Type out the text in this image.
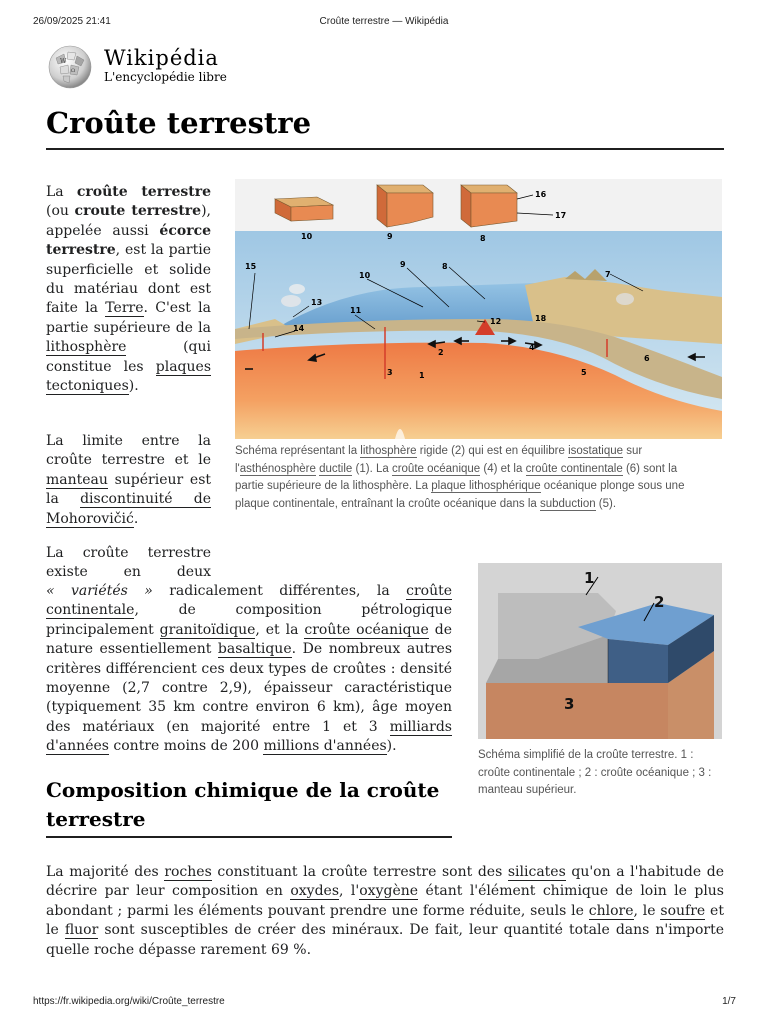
26/09/2025 21:41	Croûte terrestre — Wikipédia
W
Ω
Wikipédia
L'encyclopédie libre
Croûte terrestre

La croûte terrestre (ou croute terrestre), appelée aussi écorce terrestre, est la partie superficielle et solide du matériau dont est faite la Terre. C'est la partie supérieure de la lithosphère (qui constitue les plaques tectoniques).

La limite entre la croûte terrestre et le manteau supérieur est la discontinuité de Mohorovičić.

La croûte terrestre existe en deux

« variétés » radicalement différentes, la croûte continentale, de composition pétrologique principalement granitoïdique, et la croûte océanique de nature essentiellement basaltique. De nombreux autres critères différencient ces deux types de croûtes : densité moyenne (2,7 contre 2,9), épaisseur caractéristique (typiquement 35 km contre environ 6 km), âge moyen des matériaux (en majorité entre 1 et 3 milliards d'années contre moins de 200 millions d'années).

10	9	8
16
17
1
2
3
4
5
6
7
8
9
10
11
12
13
14
15
18
Schéma représentant la lithosphère rigide (2) qui est en équilibre isostatique sur l'asthénosphère ductile (1). La croûte océanique (4) et la croûte continentale (6) sont la partie supérieure de la lithosphère. La plaque lithosphérique océanique plonge sous une plaque continentale, entraînant la croûte océanique dans la subduction (5).
1
2
3
Schéma simplifié de la croûte terrestre. 1 : croûte continentale ; 2 : croûte océanique ; 3 : manteau supérieur.
Composition chimique de la croûte terrestre

La majorité des roches constituant la croûte terrestre sont des silicates qu'on a l'habitude de décrire par leur composition en oxydes, l'oxygène étant l'élément chimique de loin le plus abondant ; parmi les éléments pouvant prendre une forme réduite, seuls le chlore, le soufre et le fluor sont susceptibles de créer des minéraux. De fait, leur quantité totale dans n'importe quelle roche dépasse rarement 69 %.

https://fr.wikipedia.org/wiki/Croûte_terrestre	1/7
